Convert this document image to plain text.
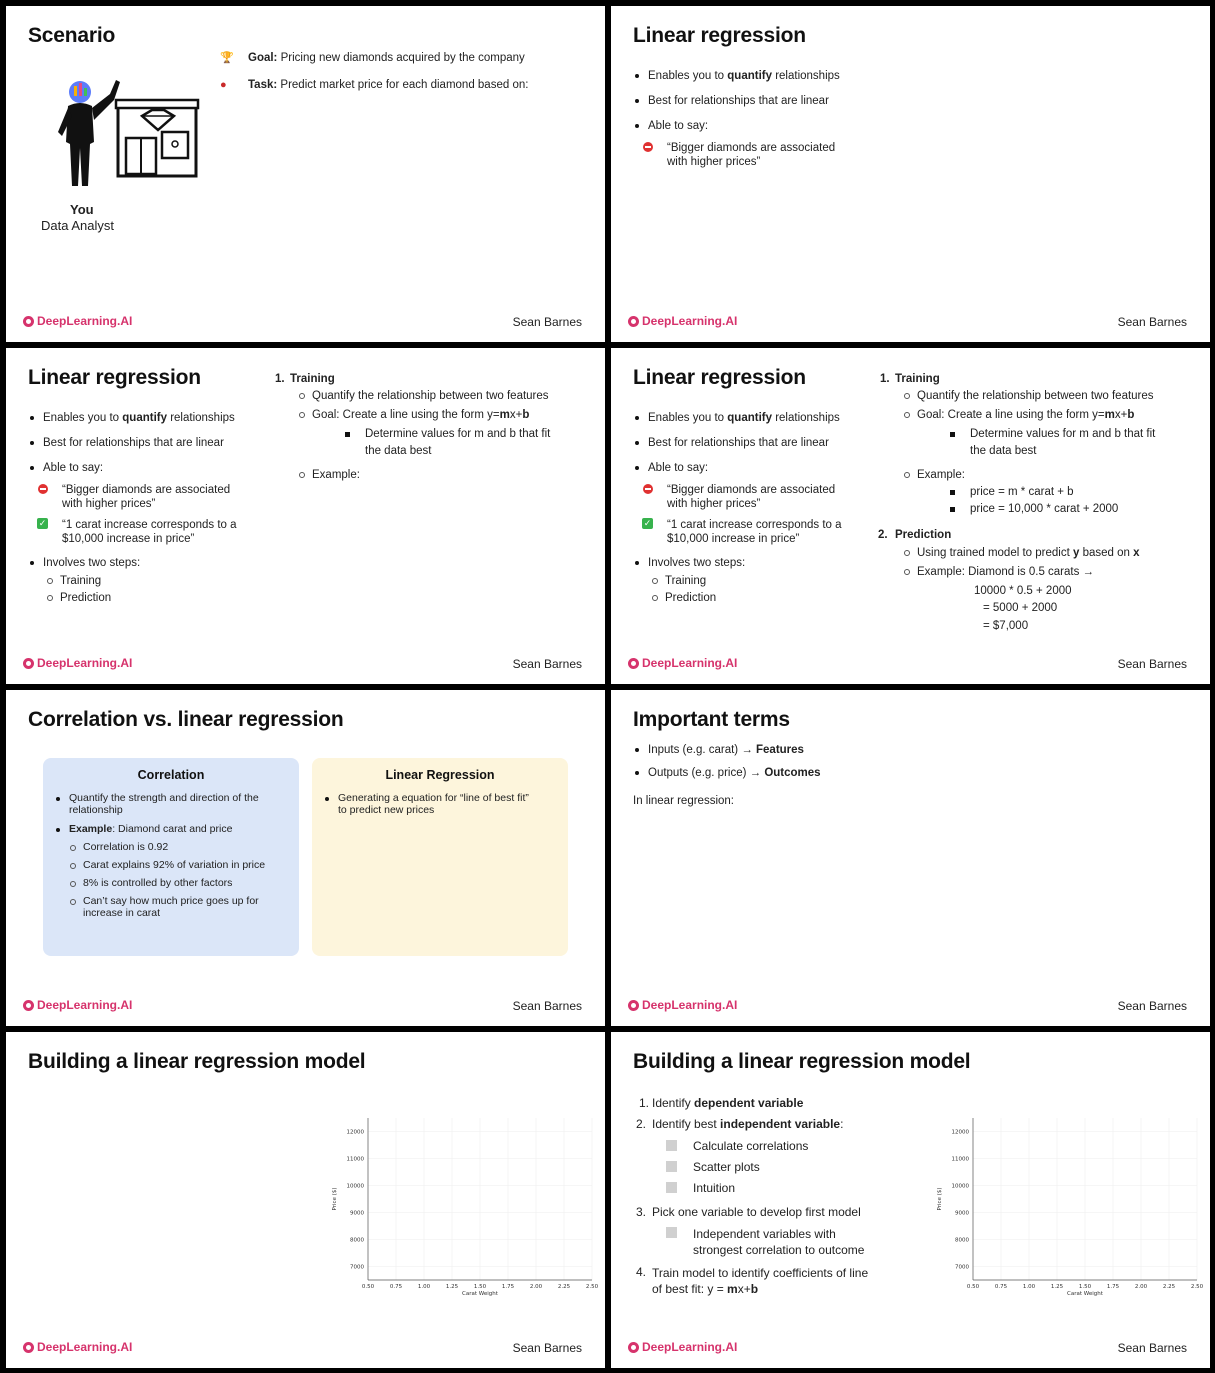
Scenario
You
Data Analyst
🏆 Goal: Pricing new diamonds acquired by the company
●	Task: Predict market price for each diamond based on:
DeepLearning.AI	Sean Barnes
Linear regression
Enables you to quantify relationships
Best for relationships that are linear
Able to say:
“Bigger diamonds are associated
with higher prices”
DeepLearning.AI	Sean Barnes
Linear regression
Enables you to quantify relationships
Best for relationships that are linear
Able to say:
“Bigger diamonds are associated
with higher prices”
✓ “1 carat increase corresponds to a
$10,000 increase in price”
Involves two steps:
Training
Prediction
1. Training
Quantify the relationship between two features
Goal: Create a line using the form y=mx+b
Determine values for m and b that fit
the data best
Example:
DeepLearning.AI	Sean Barnes
Linear regression
Enables you to quantify relationships
Best for relationships that are linear
Able to say:
“Bigger diamonds are associated
with higher prices”
✓ “1 carat increase corresponds to a
$10,000 increase in price”
Involves two steps:
Training
Prediction
1. Training
Quantify the relationship between two features
Goal: Create a line using the form y=mx+b
Determine values for m and b that fit
the data best
Example:
price = m * carat + b
price = 10,000 * carat + 2000
2. Prediction
Using trained model to predict y based on x
Example: Diamond is 0.5 carats →
10000 * 0.5 + 2000
= 5000 + 2000
= $7,000
DeepLearning.AI	Sean Barnes
Correlation vs. linear regression
Correlation
Quantify the strength and direction of the
relationship
Example: Diamond carat and price
Correlation is 0.92
Carat explains 92% of variation in price
8% is controlled by other factors
Can’t say how much price goes up for
increase in carat
Linear Regression
Generating a equation for “line of best fit”
to predict new prices
DeepLearning.AI	Sean Barnes
Important terms
Inputs (e.g. carat) → Features
Outputs (e.g. price) → Outcomes
In linear regression:
DeepLearning.AI	Sean Barnes
Building a linear regression model
0.50	0.75	1.00	1.25	1.50	1.75	2.00	2.25	2.50
7000
8000
9000
10000
11000
12000
Carat Weight
Price ($)
DeepLearning.AI	Sean Barnes
Building a linear regression model
1. Identify dependent variable
2. Identify best independent variable:
Calculate correlations
Scatter plots
Intuition
3. Pick one variable to develop first model
Independent variables with
strongest correlation to outcome
4. Train model to identify coefficients of line
of best fit: y = mx+b	0.50	0.75	1.00	1.25	1.50	1.75	2.00	2.25	2.50
7000
8000
9000
10000
11000
12000
Carat Weight
Price ($)
DeepLearning.AI	Sean Barnes
